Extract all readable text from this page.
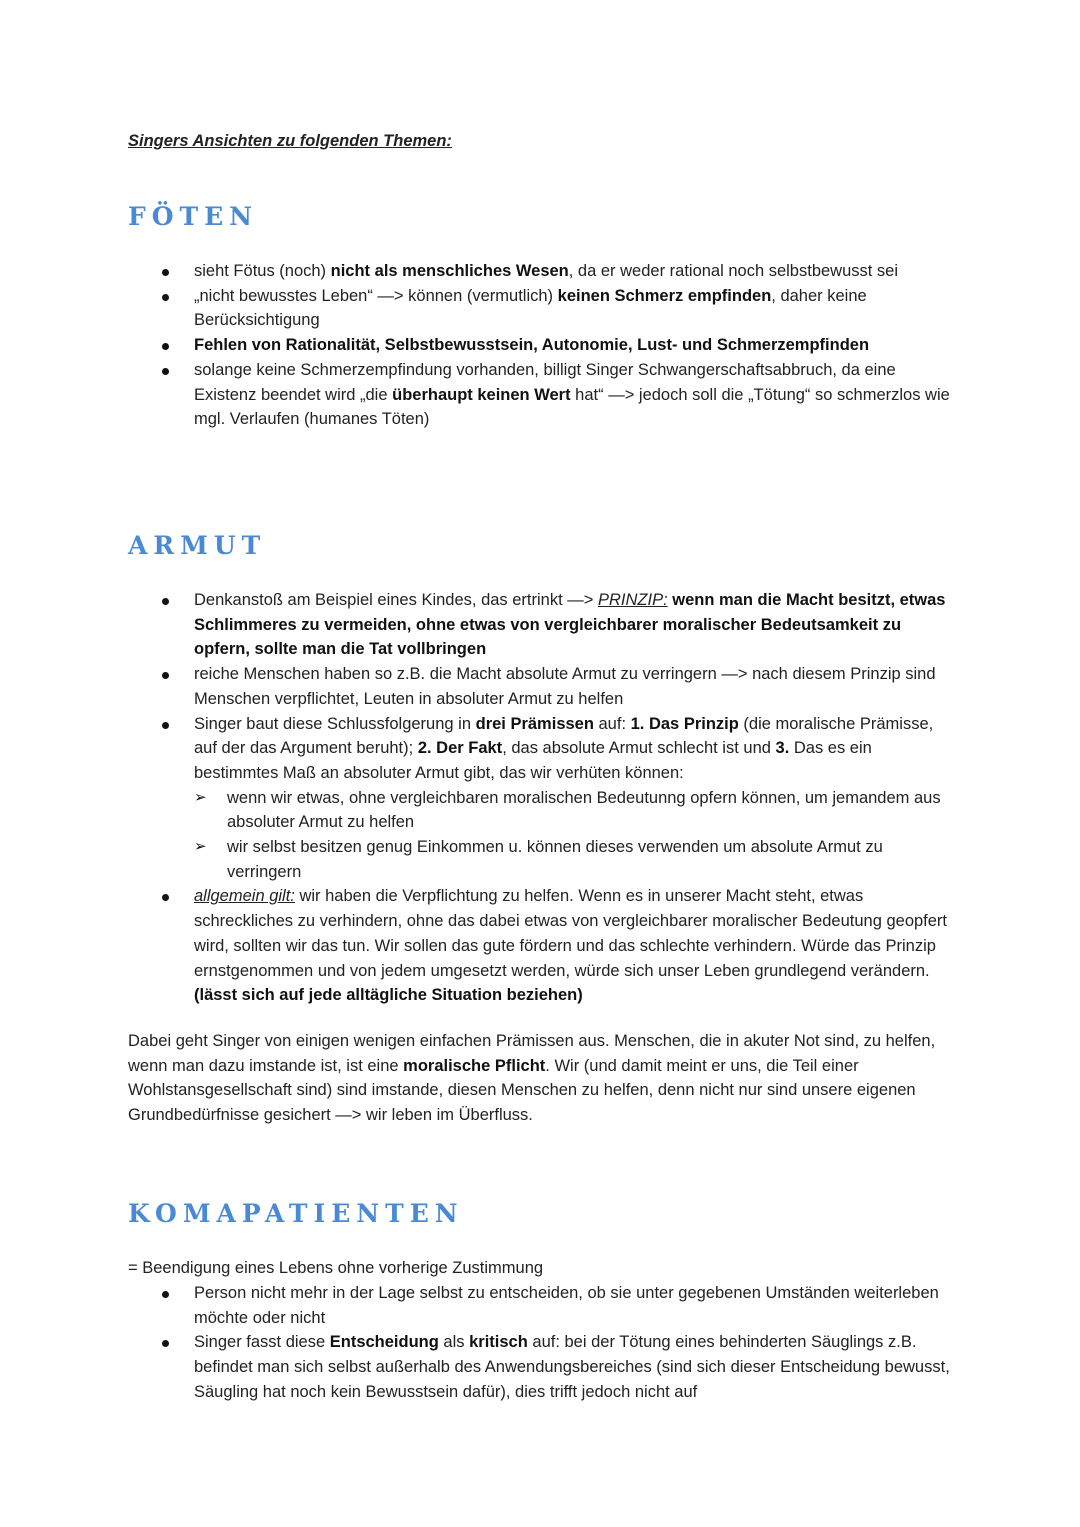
Singers Ansichten zu folgenden Themen:

FÖTEN
sieht Fötus (noch) nicht als menschliches Wesen, da er weder rational noch selbstbewusst sei
„nicht bewusstes Leben“ —> können (vermutlich) keinen Schmerz empfinden, daher keine Berücksichtigung
Fehlen von Rationalität, Selbstbewusstsein, Autonomie, Lust- und Schmerzempfinden
solange keine Schmerzempfindung vorhanden, billigt Singer Schwangerschaftsabbruch, da eine Existenz beendet wird „die überhaupt keinen Wert hat“ —> jedoch soll die „Tötung“ so schmerzlos wie mgl. Verlaufen (humanes Töten)
ARMUT
Denkanstoß am Beispiel eines Kindes, das ertrinkt —> PRINZIP: wenn man die Macht besitzt, etwas Schlimmeres zu vermeiden, ohne etwas von vergleichbarer moralischer Bedeutsamkeit zu opfern, sollte man die Tat vollbringen
reiche Menschen haben so z.B. die Macht absolute Armut zu verringern —> nach diesem Prinzip sind Menschen verpflichtet, Leuten in absoluter Armut zu helfen
Singer baut diese Schlussfolgerung in drei Prämissen auf: 1. Das Prinzip (die moralische Prämisse, auf der das Argument beruht); 2. Der Fakt, das absolute Armut schlecht ist und 3. Das es ein bestimmtes Maß an absoluter Armut gibt, das wir verhüten können:
➢ wenn wir etwas, ohne vergleichbaren moralischen Bedeutunng opfern können, um jemandem aus absoluter Armut zu helfen
➢ wir selbst besitzen genug Einkommen u. können dieses verwenden um absolute Armut zu verringern
allgemein gilt: wir haben die Verpflichtung zu helfen. Wenn es in unserer Macht steht, etwas schreckliches zu verhindern, ohne das dabei etwas von vergleichbarer moralischer Bedeutung geopfert wird, sollten wir das tun. Wir sollen das gute fördern und das schlechte verhindern. Würde das Prinzip ernstgenommen und von jedem umgesetzt werden, würde sich unser Leben grundlegend verändern. (lässt sich auf jede alltägliche Situation beziehen)

Dabei geht Singer von einigen wenigen einfachen Prämissen aus. Menschen, die in akuter Not sind, zu helfen, wenn man dazu imstande ist, ist eine moralische Pflicht. Wir (und damit meint er uns, die Teil einer Wohlstansgesellschaft sind) sind imstande, diesen Menschen zu helfen, denn nicht nur sind unsere eigenen Grundbedürfnisse gesichert —> wir leben im Überfluss.

KOMAPATIENTEN

= Beendigung eines Lebens ohne vorherige Zustimmung

Person nicht mehr in der Lage selbst zu entscheiden, ob sie unter gegebenen Umständen weiterleben möchte oder nicht
Singer fasst diese Entscheidung als kritisch auf: bei der Tötung eines behinderten Säuglings z.B. befindet man sich selbst außerhalb des Anwendungsbereiches (sind sich dieser Entscheidung bewusst, Säugling hat noch kein Bewusstsein dafür), dies trifft jedoch nicht auf
